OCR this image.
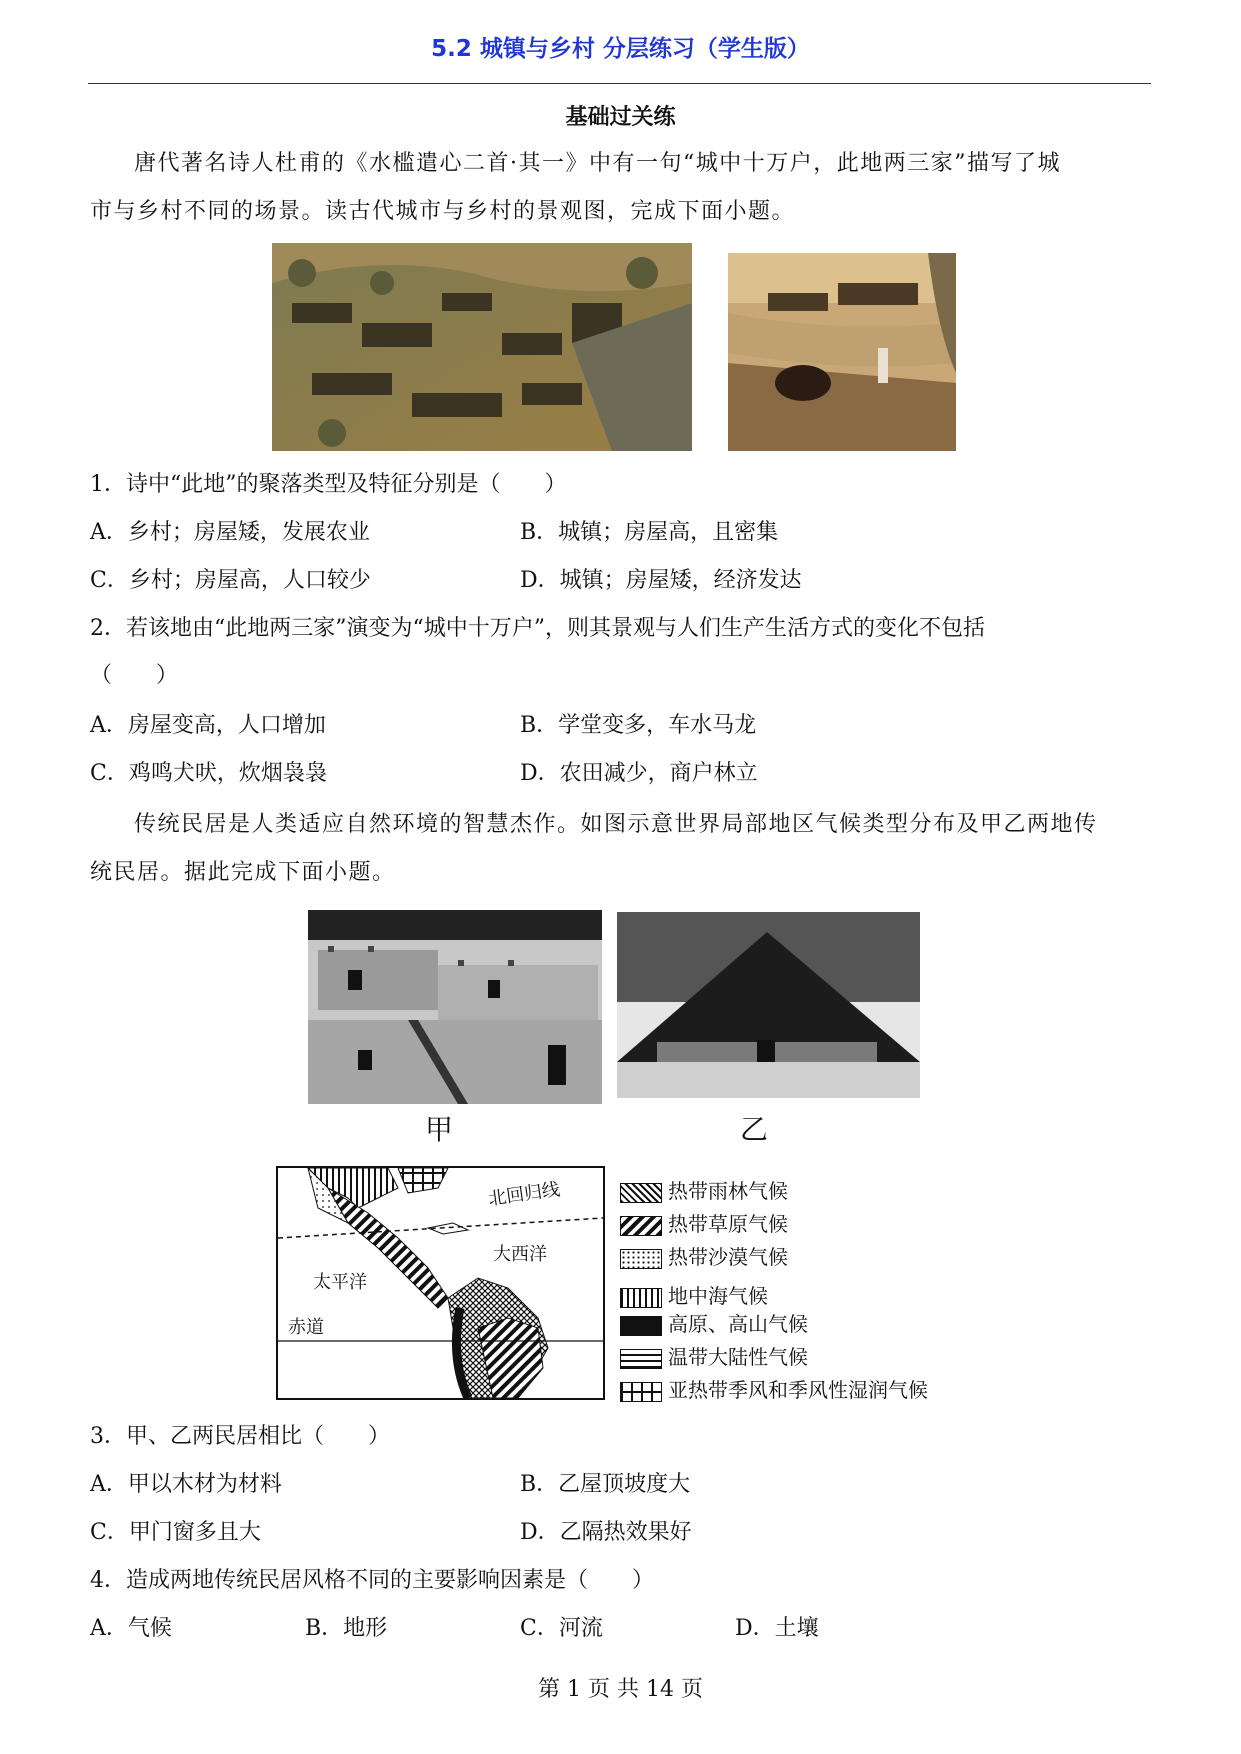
5.2 城镇与乡村 分层练习（学生版）
基础过关练
唐代著名诗人杜甫的《水槛遣心二首·其一》中有一句“城中十万户，此地两三家”描写了城
市与乡村不同的场景。读古代城市与乡村的景观图，完成下面小题。
1．诗中“此地”的聚落类型及特征分别是（　　）
A．乡村；房屋矮，发展农业	B．城镇；房屋高，且密集
C．乡村；房屋高，人口较少	D．城镇；房屋矮，经济发达
2．若该地由“此地两三家”演变为“城中十万户”，则其景观与人们生产生活方式的变化不包括
（　　）
A．房屋变高，人口增加	B．学堂变多，车水马龙
C．鸡鸣犬吠，炊烟袅袅	D．农田减少，商户林立
传统民居是人类适应自然环境的智慧杰作。如图示意世界局部地区气候类型分布及甲乙两地传
统民居。据此完成下面小题。
甲	乙
北回归线
大西洋
太平洋
赤道
热带雨林气候
热带草原气候
热带沙漠气候
地中海气候
高原、高山气候
温带大陆性气候
亚热带季风和季风性湿润气候
3．甲、乙两民居相比（　　）
A．甲以木材为材料	B．乙屋顶坡度大
C．甲门窗多且大	D．乙隔热效果好
4．造成两地传统民居风格不同的主要影响因素是（　　）
A．气候	B．地形	C．河流	D．土壤
第 1 页 共 14 页
